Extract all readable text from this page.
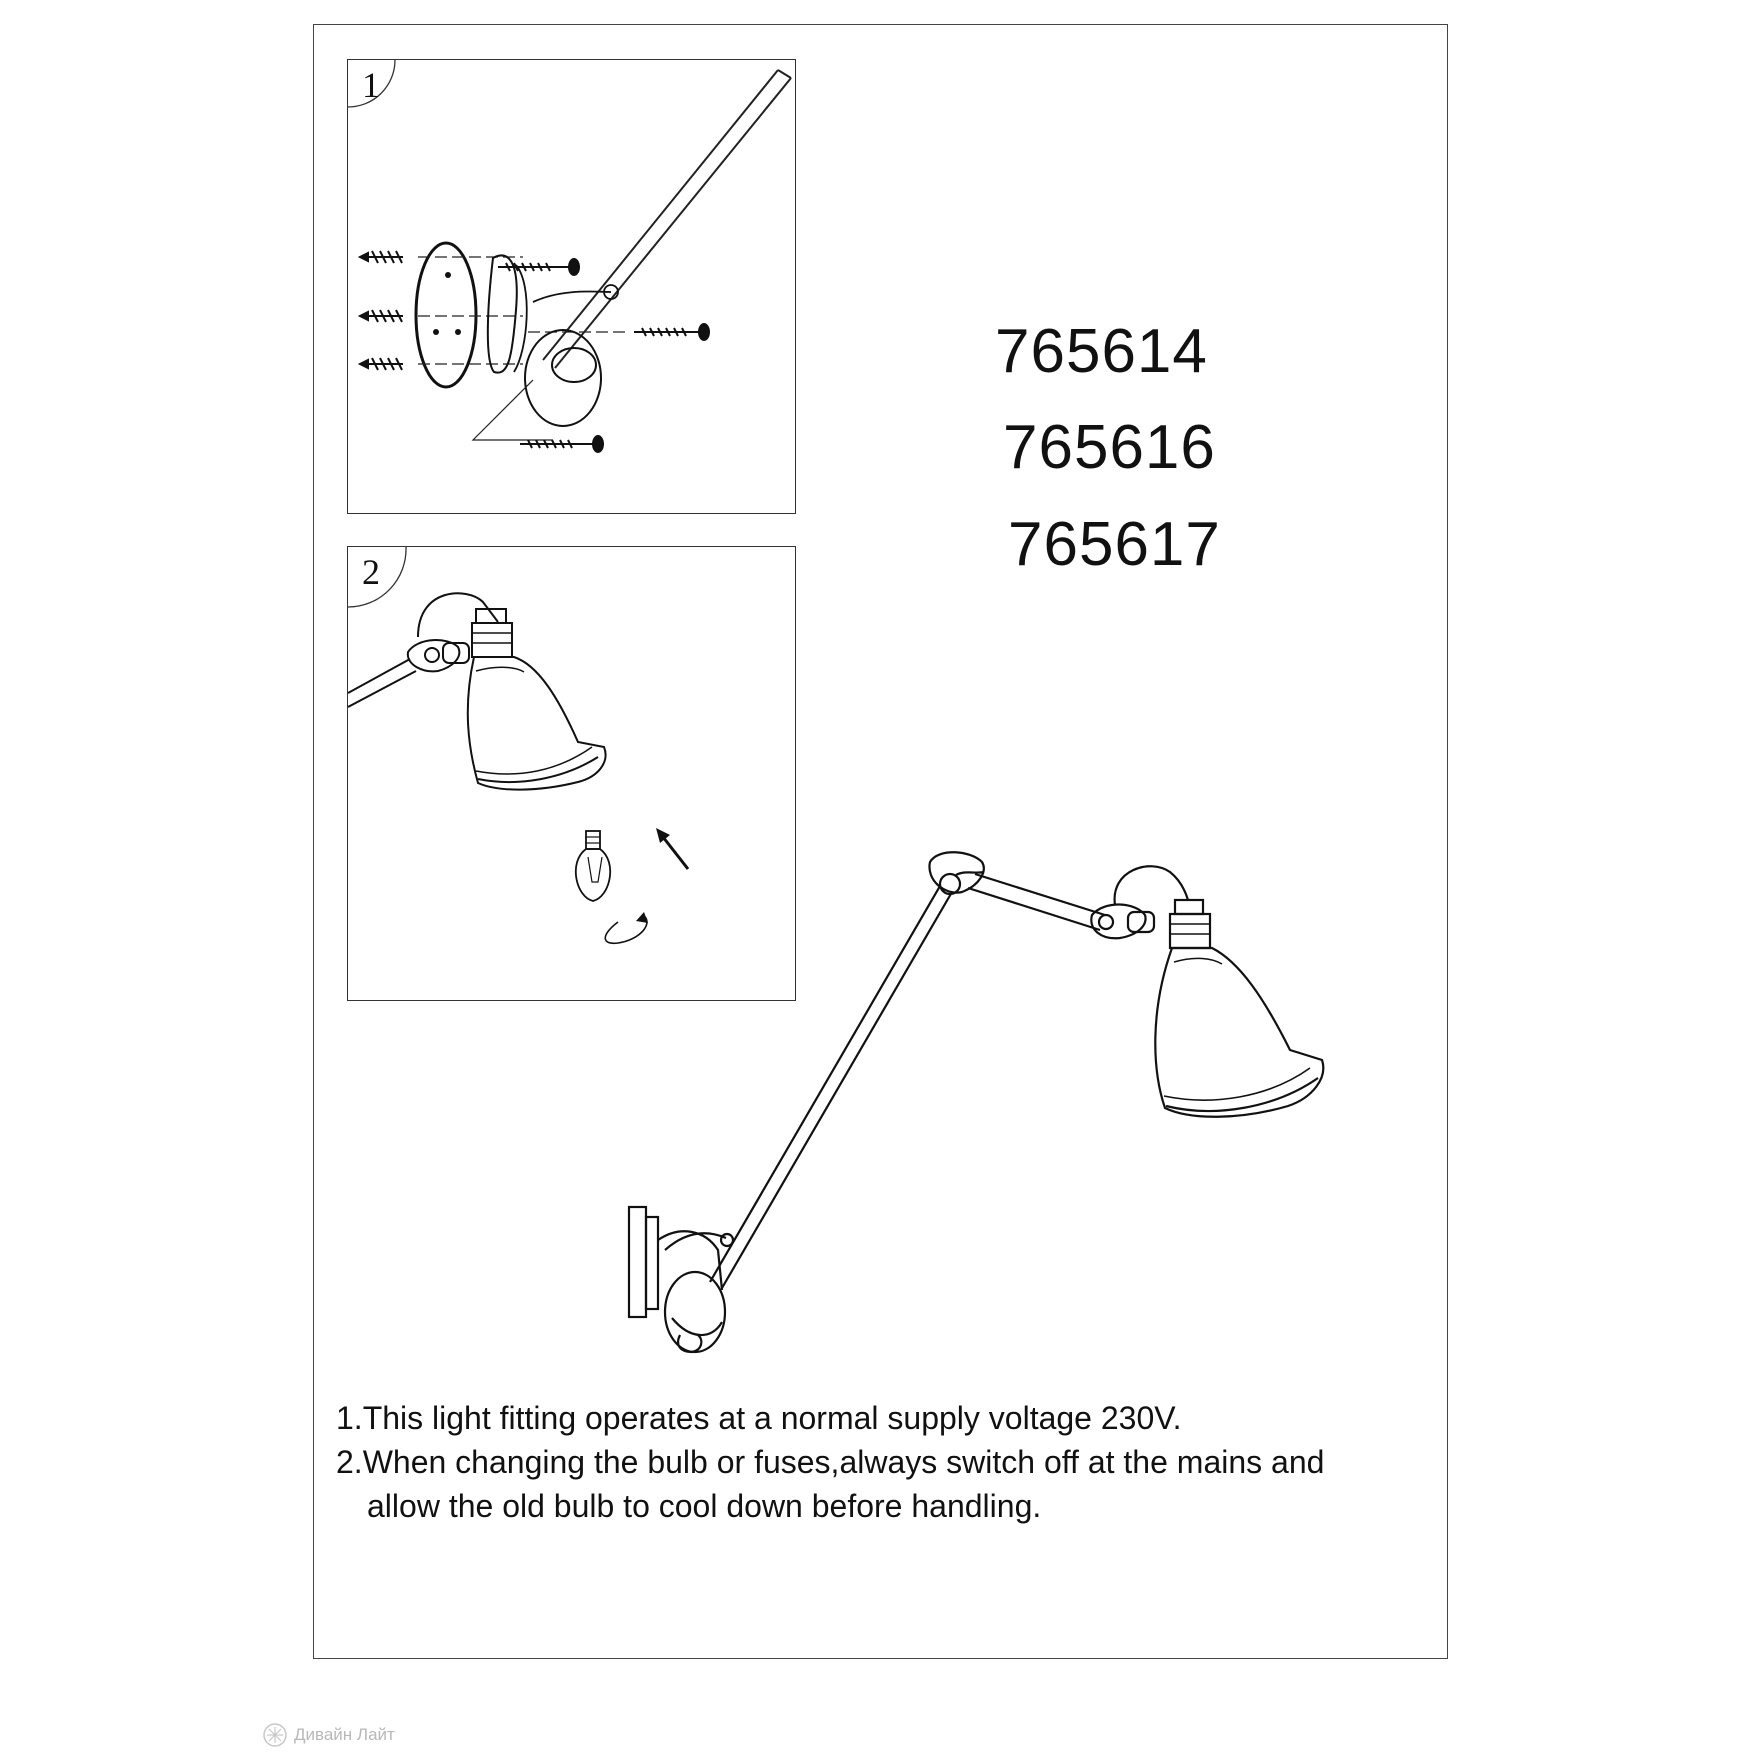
1
2
765614
765616
765617
1.This light fitting operates at a normal supply voltage 230V.
2.When changing the bulb or fuses,always switch off at the mains and
allow the old bulb to cool down before handling.
Дивайн Лайт
